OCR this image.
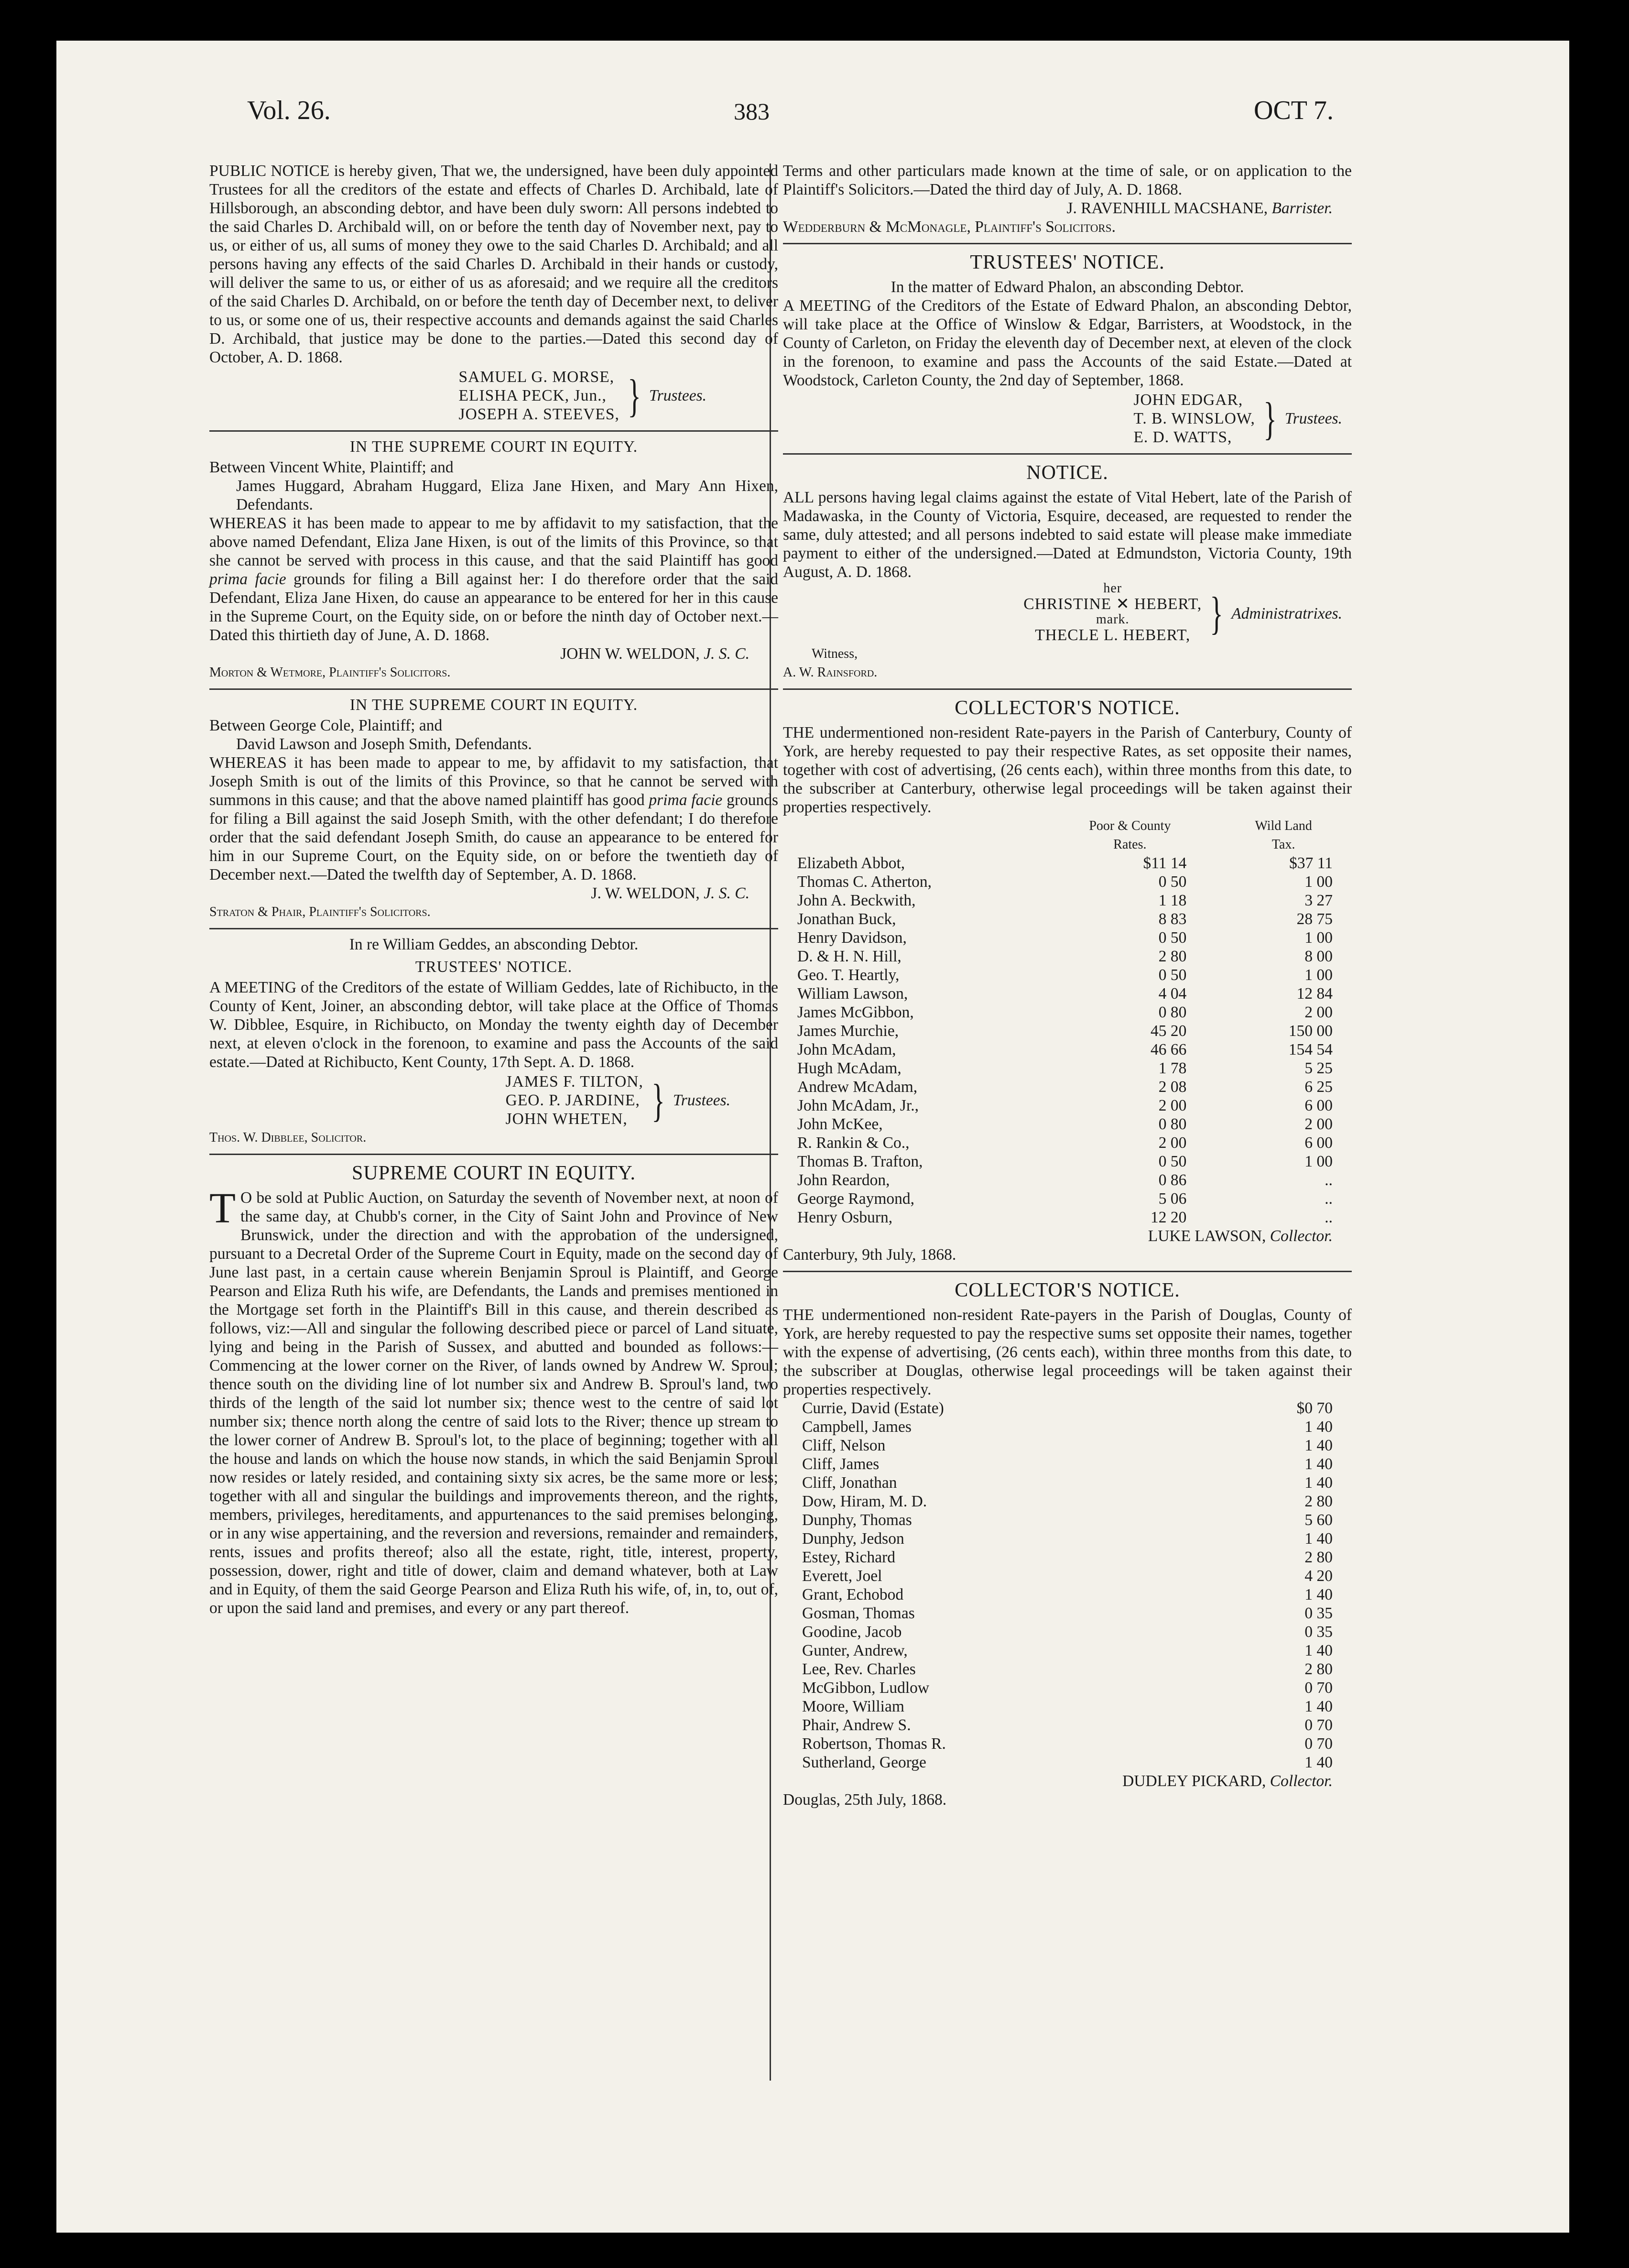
Vol. 26.	383	OCT 7.

PUBLIC NOTICE is hereby given, That we, the undersigned, have been duly appointed Trustees for all the creditors of the estate and effects of Charles D. Archibald, late of Hillsborough, an absconding debtor, and have been duly sworn: All persons indebted to the said Charles D. Archibald will, on or before the tenth day of November next, pay to us, or either of us, all sums of money they owe to the said Charles D. Archibald; and all persons having any effects of the said Charles D. Archibald in their hands or custody, will deliver the same to us, or either of us as aforesaid; and we require all the creditors of the said Charles D. Archibald, on or before the tenth day of December next, to deliver to us, or some one of us, their respective accounts and demands against the said Charles D. Archibald, that justice may be done to the parties.—Dated this second day of October, A. D. 1868.

SAMUEL G. MORSE,
ELISHA PECK, Jun.,
JOSEPH A. STEEVES, } Trustees.
IN THE SUPREME COURT IN EQUITY.

Between Vincent White, Plaintiff; and

James Huggard, Abraham Huggard, Eliza Jane Hixen, and Mary Ann Hixen, Defendants.

WHEREAS it has been made to appear to me by affidavit to my satisfaction, that the above named Defendant, Eliza Jane Hixen, is out of the limits of this Province, so that she cannot be served with process in this cause, and that the said Plaintiff has good prima facie grounds for filing a Bill against her: I do therefore order that the said Defendant, Eliza Jane Hixen, do cause an appearance to be entered for her in this cause in the Supreme Court, on the Equity side, on or before the ninth day of October next.—Dated this thirtieth day of June, A. D. 1868.

JOHN W. WELDON, J. S. C.

Morton & Wetmore, Plaintiff's Solicitors.

IN THE SUPREME COURT IN EQUITY.

Between George Cole, Plaintiff; and

David Lawson and Joseph Smith, Defendants.

WHEREAS it has been made to appear to me, by affidavit to my satisfaction, that Joseph Smith is out of the limits of this Province, so that he cannot be served with summons in this cause; and that the above named plaintiff has good prima facie grounds for filing a Bill against the said Joseph Smith, with the other defendant; I do therefore order that the said defendant Joseph Smith, do cause an appearance to be entered for him in our Supreme Court, on the Equity side, on or before the twentieth day of December next.—Dated the twelfth day of September, A. D. 1868.

J. W. WELDON, J. S. C.

Straton & Phair, Plaintiff's Solicitors.

In re William Geddes, an absconding Debtor.

TRUSTEES' NOTICE.

A MEETING of the Creditors of the estate of William Geddes, late of Richibucto, in the County of Kent, Joiner, an absconding debtor, will take place at the Office of Thomas W. Dibblee, Esquire, in Richibucto, on Monday the twenty eighth day of December next, at eleven o'clock in the forenoon, to examine and pass the Accounts of the said estate.—Dated at Richibucto, Kent County, 17th Sept. A. D. 1868.

JAMES F. TILTON,
GEO. P. JARDINE,
JOHN WHETEN, } Trustees.

Thos. W. Dibblee, Solicitor.

SUPREME COURT IN EQUITY.

T O be sold at Public Auction, on Saturday the seventh of November next, at noon of the same day, at Chubb's corner, in the City of Saint John and Province of New Brunswick, under the direction and with the approbation of the undersigned, pursuant to a Decretal Order of the Supreme Court in Equity, made on the second day of June last past, in a certain cause wherein Benjamin Sproul is Plaintiff, and George Pearson and Eliza Ruth his wife, are Defendants, the Lands and premises mentioned in the Mortgage set forth in the Plaintiff's Bill in this cause, and therein described as follows, viz:—All and singular the following described piece or parcel of Land situate, lying and being in the Parish of Sussex, and abutted and bounded as follows:—Commencing at the lower corner on the River, of lands owned by Andrew W. Sproul; thence south on the dividing line of lot number six and Andrew B. Sproul's land, two thirds of the length of the said lot number six; thence west to the centre of said lot number six; thence north along the centre of said lots to the River; thence up stream to the lower corner of Andrew B. Sproul's lot, to the place of beginning; together with all the house and lands on which the house now stands, in which the said Benjamin Sproul now resides or lately resided, and containing sixty six acres, be the same more or less; together with all and singular the buildings and improvements thereon, and the rights, members, privileges, hereditaments, and appurtenances to the said premises belonging, or in any wise appertaining, and the reversion and reversions, remainder and remainders, rents, issues and profits thereof; also all the estate, right, title, interest, property, possession, dower, right and title of dower, claim and demand whatever, both at Law and in Equity, of them the said George Pearson and Eliza Ruth his wife, of, in, to, out of, or upon the said land and premises, and every or any part thereof.

Terms and other particulars made known at the time of sale, or on application to the Plaintiff's Solicitors.—Dated the third day of July, A. D. 1868.

J. RAVENHILL MACSHANE, Barrister.

Wedderburn & McMonagle, Plaintiff's Solicitors.

TRUSTEES' NOTICE.

In the matter of Edward Phalon, an absconding Debtor.

A MEETING of the Creditors of the Estate of Edward Phalon, an absconding Debtor, will take place at the Office of Winslow & Edgar, Barristers, at Woodstock, in the County of Carleton, on Friday the eleventh day of December next, at eleven of the clock in the forenoon, to examine and pass the Accounts of the said Estate.—Dated at Woodstock, Carleton County, the 2nd day of September, 1868.

JOHN EDGAR,
T. B. WINSLOW,
E. D. WATTS, } Trustees.
NOTICE.

ALL persons having legal claims against the estate of Vital Hebert, late of the Parish of Madawaska, in the County of Victoria, Esquire, deceased, are requested to render the same, duly attested; and all persons indebted to said estate will please make immediate payment to either of the undersigned.—Dated at Edmundston, Victoria County, 19th August, A. D. 1868.

her
CHRISTINE ✕ HEBERT,
mark.
THECLE L. HEBERT, } Administratrixes.

Witness,

A. W. Rainsford.

COLLECTOR'S NOTICE.

THE undermentioned non-resident Rate-payers in the Parish of Canterbury, County of York, are hereby requested to pay their respective Rates, as set opposite their names, together with cost of advertising, (26 cents each), within three months from this date, to the subscriber at Canterbury, otherwise legal proceedings will be taken against their properties respectively.

	Poor & County	Wild Land
	Rates.	Tax.
Elizabeth Abbot,	$11 14	$37 11
Thomas C. Atherton,	0 50	1 00
John A. Beckwith,	1 18	3 27
Jonathan Buck,	8 83	28 75
Henry Davidson,	0 50	1 00
D. & H. N. Hill,	2 80	8 00
Geo. T. Heartly,	0 50	1 00
William Lawson,	4 04	12 84
James McGibbon,	0 80	2 00
James Murchie,	45 20	150 00
John McAdam,	46 66	154 54
Hugh McAdam,	1 78	5 25
Andrew McAdam,	2 08	6 25
John McAdam, Jr.,	2 00	6 00
John McKee,	0 80	2 00
R. Rankin & Co.,	2 00	6 00
Thomas B. Trafton,	0 50	1 00
John Reardon,	0 86	..
George Raymond,	5 06	..
Henry Osburn,	12 20	..

LUKE LAWSON, Collector.

Canterbury, 9th July, 1868.

COLLECTOR'S NOTICE.

THE undermentioned non-resident Rate-payers in the Parish of Douglas, County of York, are hereby requested to pay the respective sums set opposite their names, together with the expense of advertising, (26 cents each), within three months from this date, to the subscriber at Douglas, otherwise legal proceedings will be taken against their properties respectively.

Currie, David (Estate)	$0 70
Campbell, James	1 40
Cliff, Nelson	1 40
Cliff, James	1 40
Cliff, Jonathan	1 40
Dow, Hiram, M. D.	2 80
Dunphy, Thomas	5 60
Dunphy, Jedson	1 40
Estey, Richard	2 80
Everett, Joel	4 20
Grant, Echobod	1 40
Gosman, Thomas	0 35
Goodine, Jacob	0 35
Gunter, Andrew,	1 40
Lee, Rev. Charles	2 80
McGibbon, Ludlow	0 70
Moore, William	1 40
Phair, Andrew S.	0 70
Robertson, Thomas R.	0 70
Sutherland, George	1 40

DUDLEY PICKARD, Collector.

Douglas, 25th July, 1868.
